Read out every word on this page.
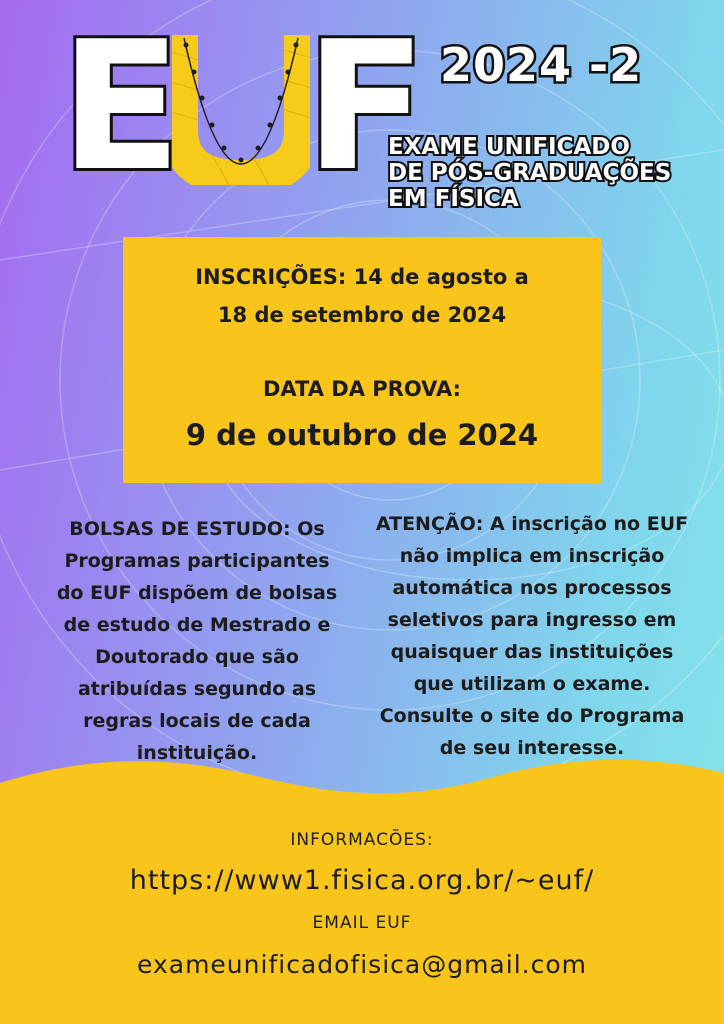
E F 2024 -2
EXAME UNIFICADO
DE PÓS-GRADUAÇÕES
EM FÍSICA
INSCRIÇÕES: 14 de agosto a
18 de setembro de 2024
DATA DA PROVA:
9 de outubro de 2024
BOLSAS DE ESTUDO: Os
Programas participantes
do EUF dispõem de bolsas
de estudo de Mestrado e
Doutorado que são
atribuídas segundo as
regras locais de cada
instituição.
ATENÇÃO: A inscrição no EUF
não implica em inscrição
automática nos processos
seletivos para ingresso em
quaisquer das instituições
que utilizam o exame.
Consulte o site do Programa
de seu interesse.
INFORMACÕES:
https://www1.fisica.org.br/~euf/
EMAIL EUF
exameunificadofisica@gmail.com
